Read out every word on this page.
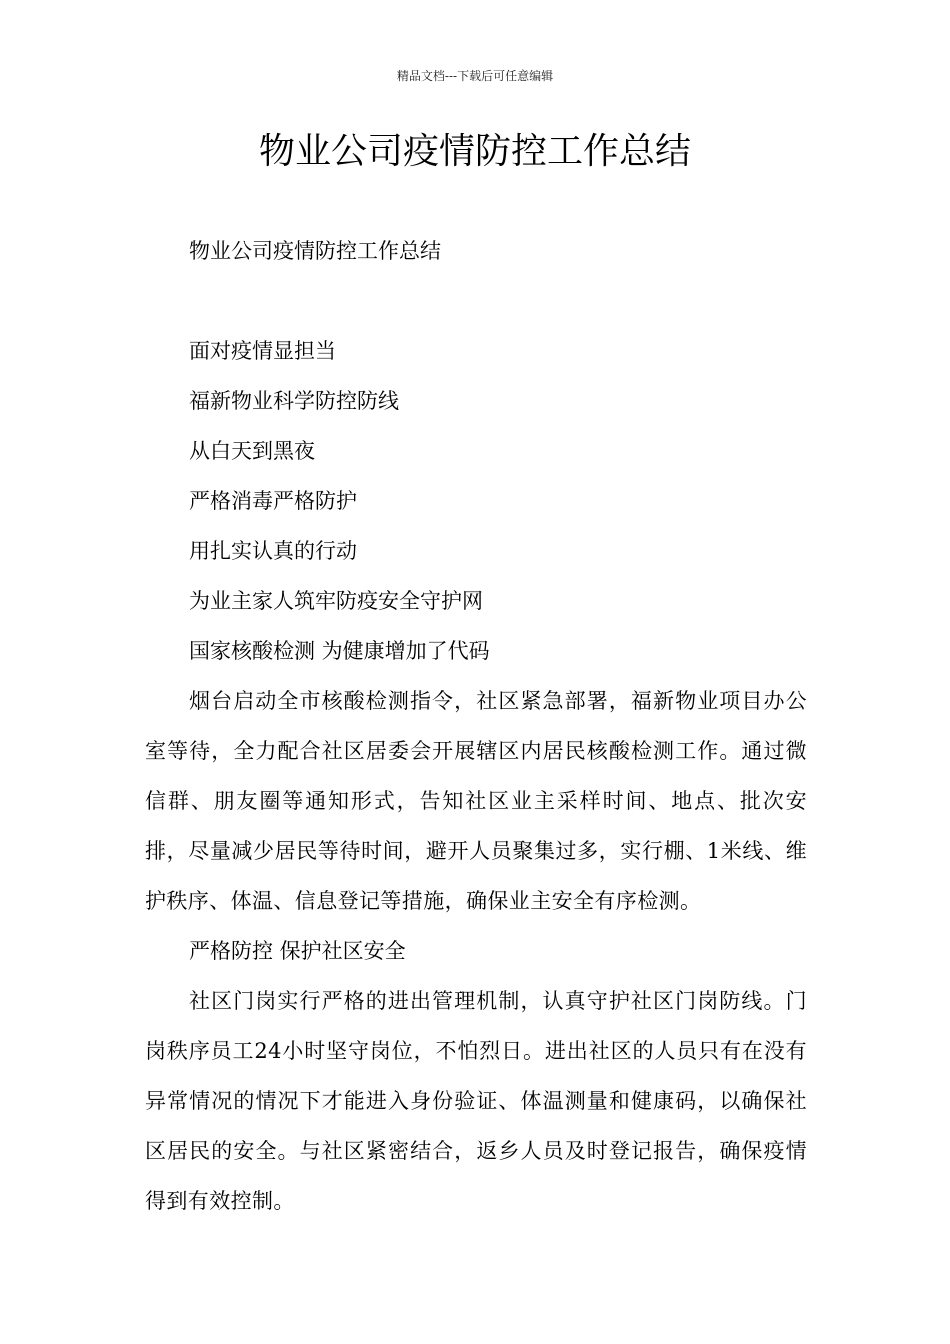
精品文档---下载后可任意编辑
物业公司疫情防控工作总结

物业公司疫情防控工作总结

面对疫情显担当

福新物业科学防控防线

从白天到黑夜

严格消毒严格防护

用扎实认真的行动

为业主家人筑牢防疫安全守护网

国家核酸检测 为健康增加了代码

烟台启动全市核酸检测指令，社区紧急部署，福新物业项目办公室等待，全力配合社区居委会开展辖区内居民核酸检测工作。通过微信群、朋友圈等通知形式，告知社区业主采样时间、地点、批次安排，尽量减少居民等待时间，避开人员聚集过多，实行棚、1米线、维护秩序、体温、信息登记等措施，确保业主安全有序检测。

严格防控 保护社区安全

社区门岗实行严格的进出管理机制，认真守护社区门岗防线。门岗秩序员工24小时坚守岗位，不怕烈日。进出社区的人员只有在没有异常情况的情况下才能进入身份验证、体温测量和健康码，以确保社区居民的安全。与社区紧密结合，返乡人员及时登记报告，确保疫情得到有效控制。
